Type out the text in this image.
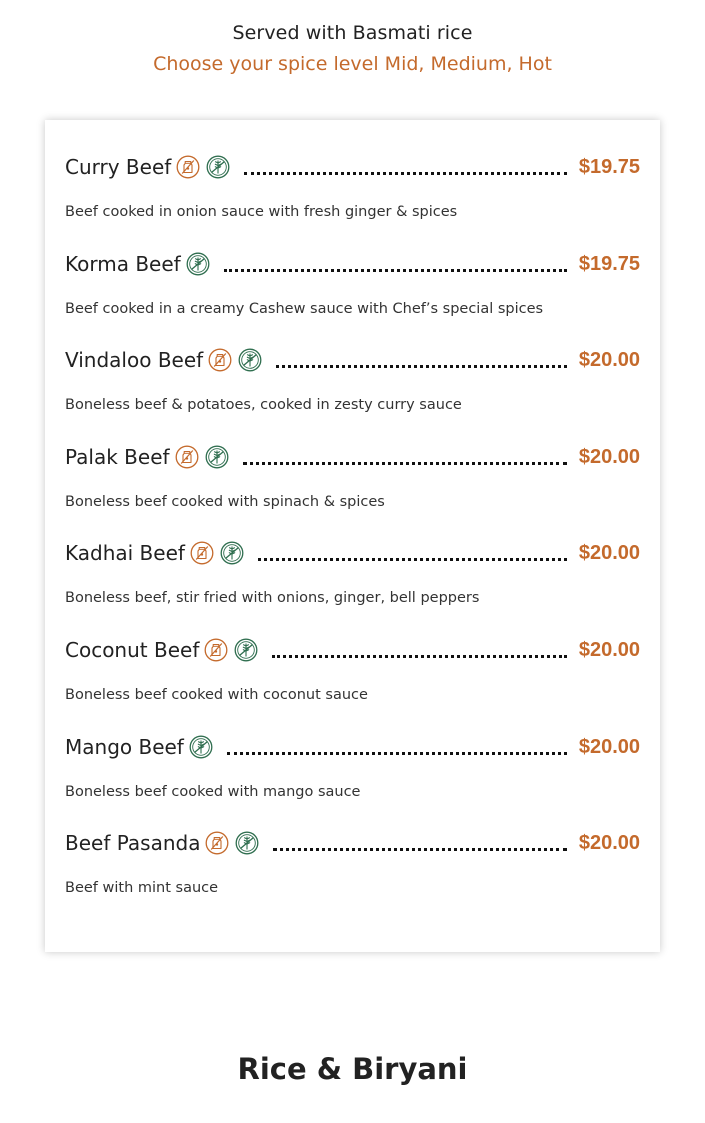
Served with Basmati rice
Choose your spice level Mid, Medium, Hot
Curry Beef	$19.75
Beef cooked in onion sauce with fresh ginger & spices
Korma Beef	$19.75
Beef cooked in a creamy Cashew sauce with Chef’s special spices
Vindaloo Beef	$20.00
Boneless beef & potatoes, cooked in zesty curry sauce
Palak Beef	$20.00
Boneless beef cooked with spinach & spices
Kadhai Beef	$20.00
Boneless beef, stir fried with onions, ginger, bell peppers
Coconut Beef	$20.00
Boneless beef cooked with coconut sauce
Mango Beef	$20.00
Boneless beef cooked with mango sauce
Beef Pasanda	$20.00
Beef with mint sauce
Rice & Biryani
